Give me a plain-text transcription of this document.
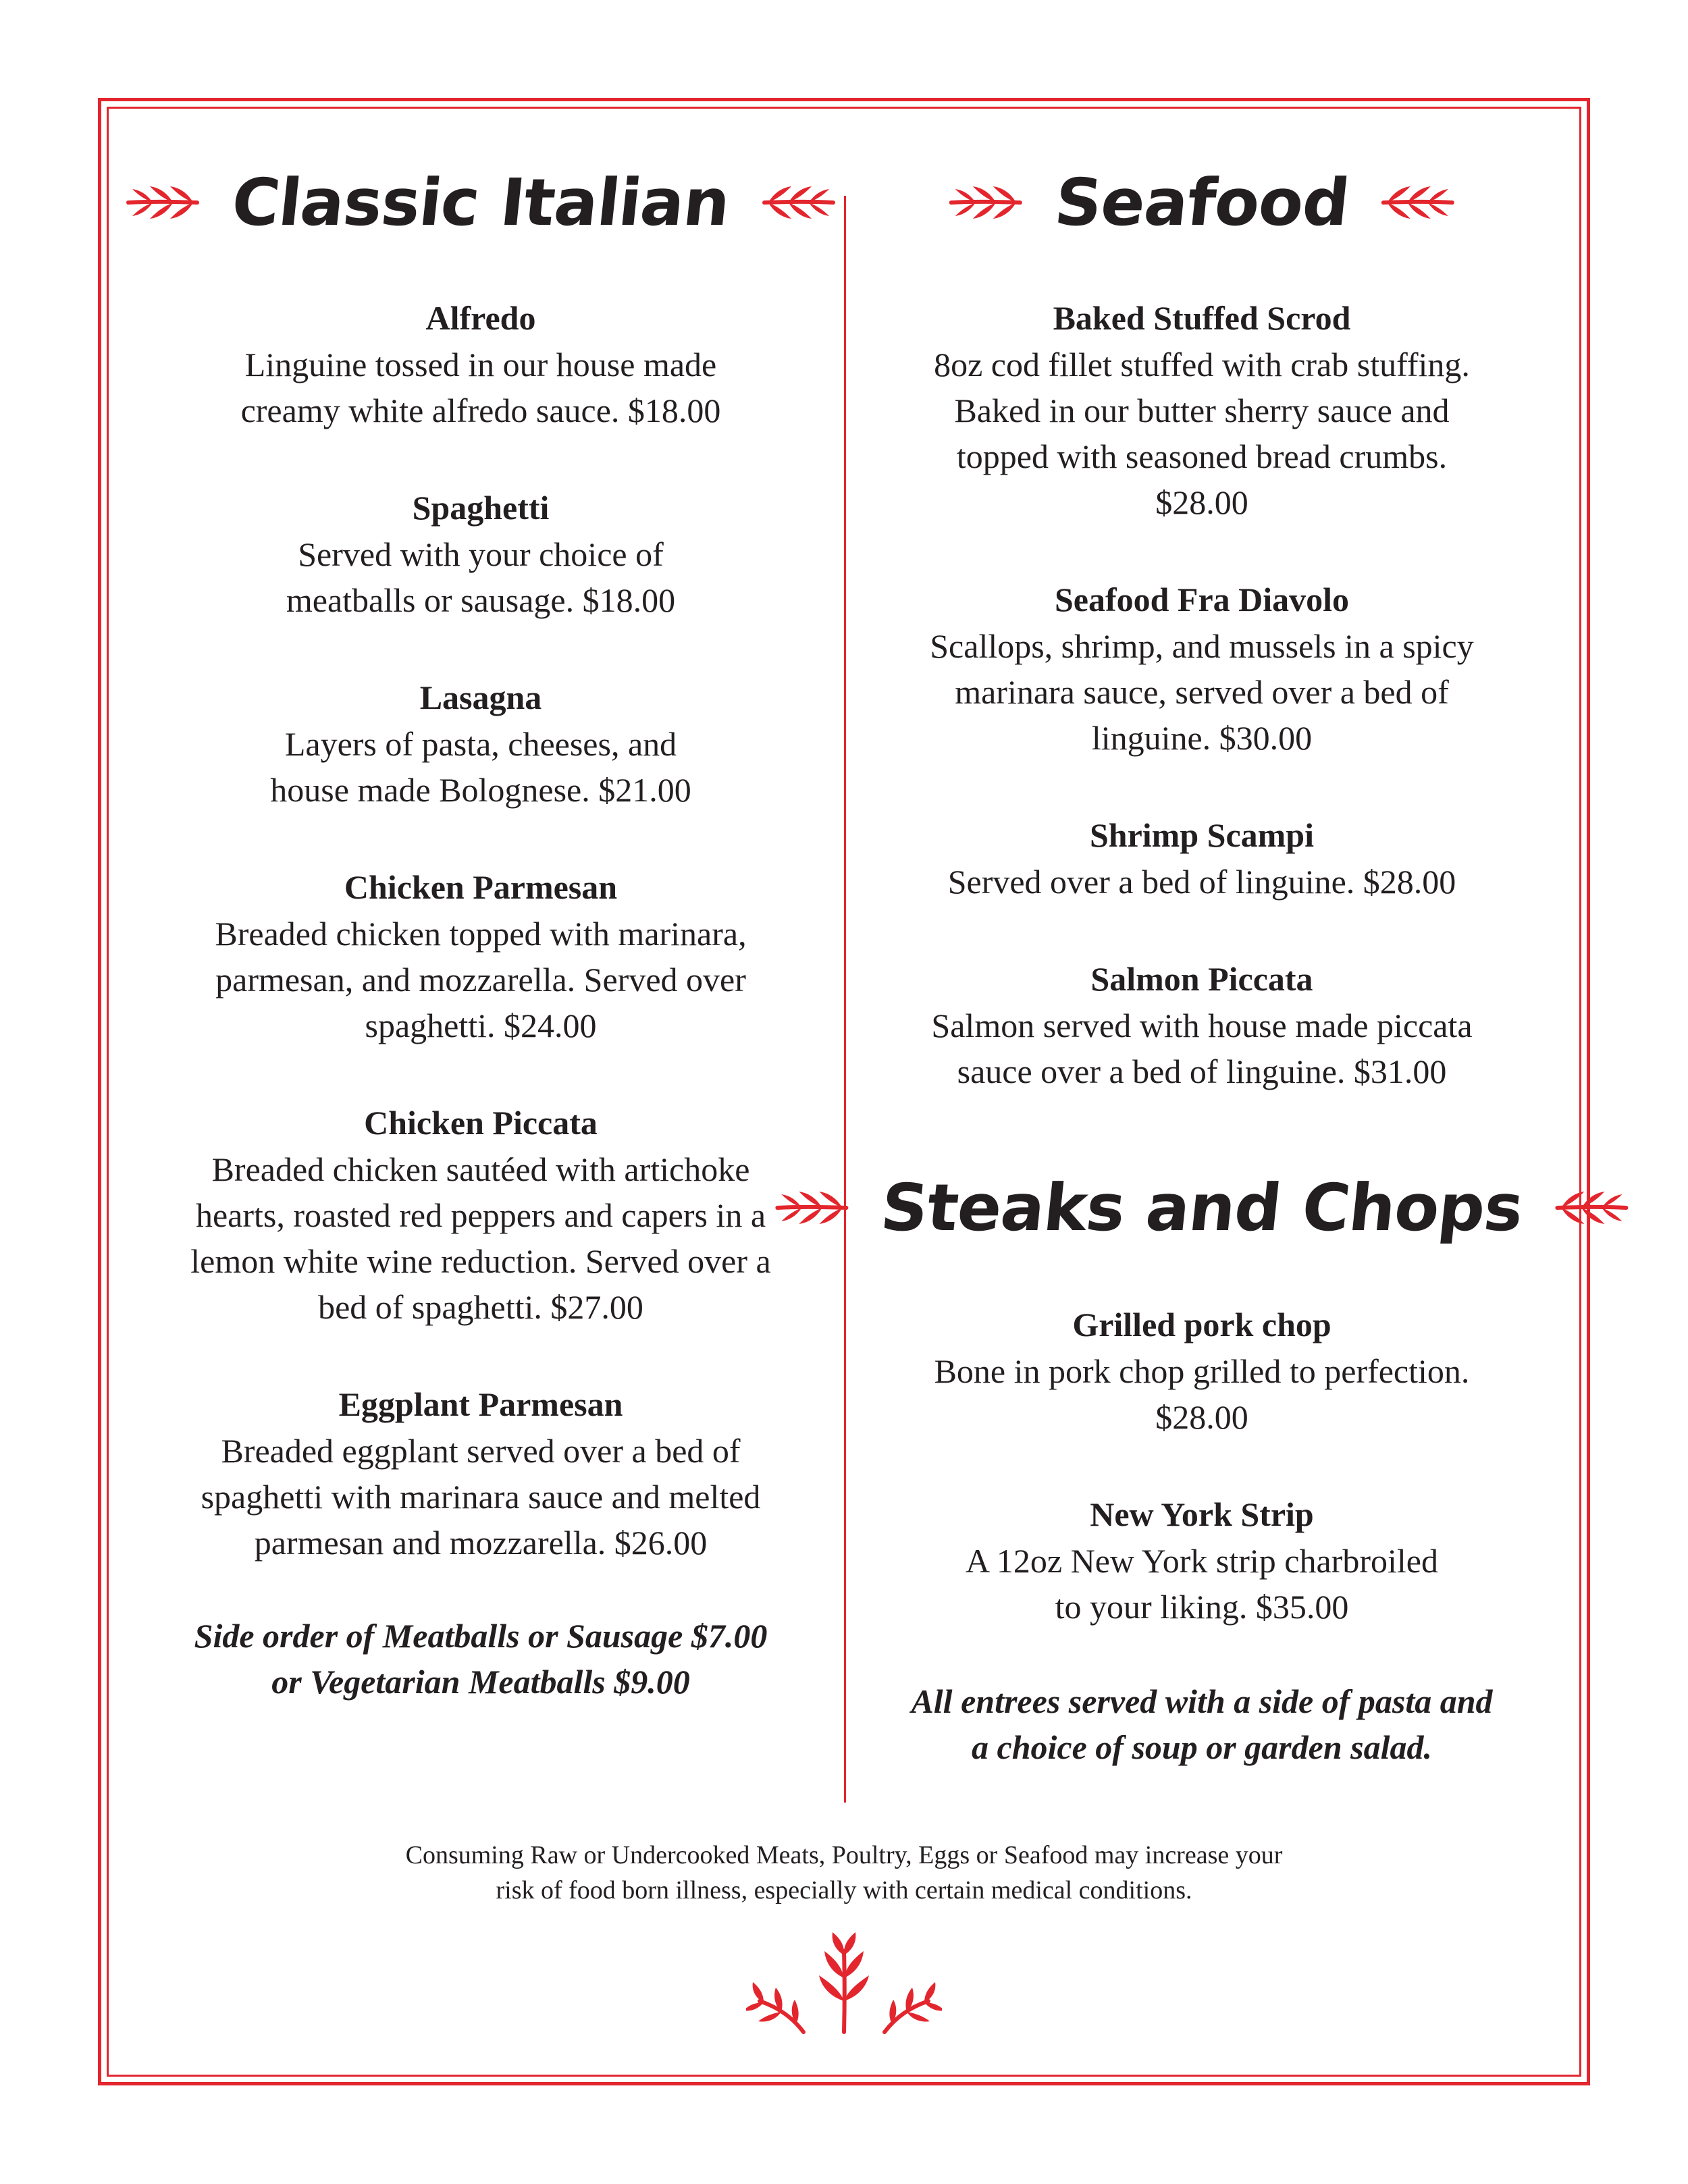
Classic Italian	Seafood
Alfredo
Linguine tossed in our house made
creamy white alfredo sauce. $18.00
Spaghetti
Served with your choice of
meatballs or sausage. $18.00
Lasagna
Layers of pasta, cheeses, and
house made Bolognese. $21.00
Chicken Parmesan
Breaded chicken topped with marinara,
parmesan, and mozzarella. Served over
spaghetti. $24.00
Chicken Piccata
Breaded chicken sautéed with artichoke
hearts, roasted red peppers and capers in a
lemon white wine reduction. Served over a
bed of spaghetti. $27.00
Eggplant Parmesan
Breaded eggplant served over a bed of
spaghetti with marinara sauce and melted
parmesan and mozzarella. $26.00
Side order of Meatballs or Sausage $7.00
or Vegetarian Meatballs $9.00
Baked Stuffed Scrod
8oz cod fillet stuffed with crab stuffing.
Baked in our butter sherry sauce and
topped with seasoned bread crumbs.
$28.00
Seafood Fra Diavolo
Scallops, shrimp, and mussels in a spicy
marinara sauce, served over a bed of
linguine. $30.00
Shrimp Scampi
Served over a bed of linguine. $28.00
Salmon Piccata
Salmon served with house made piccata
sauce over a bed of linguine. $31.00
Steaks and Chops
Grilled pork chop
Bone in pork chop grilled to perfection.
$28.00
New York Strip
A 12oz New York strip charbroiled
to your liking. $35.00
All entrees served with a side of pasta and
a choice of soup or garden salad.
Consuming Raw or Undercooked Meats, Poultry, Eggs or Seafood may increase your
risk of food born illness, especially with certain medical conditions.
